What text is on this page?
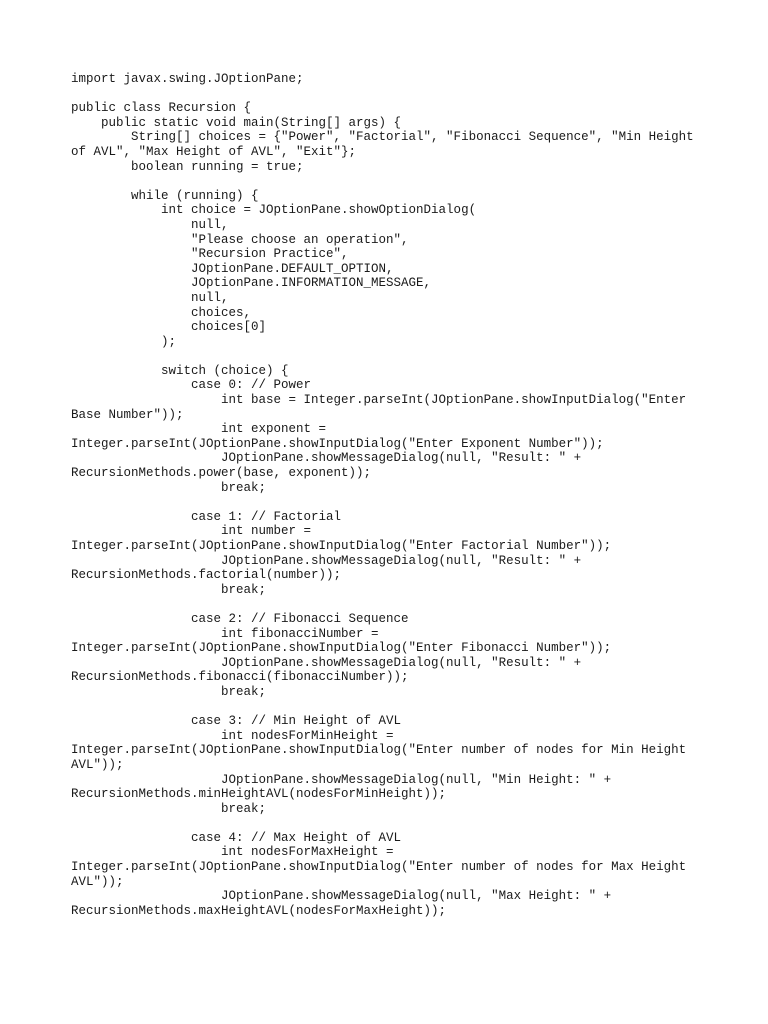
import javax.swing.JOptionPane;
public class Recursion {
public static void main(String[] args) {
String[] choices = {"Power", "Factorial", "Fibonacci Sequence", "Min Height
of AVL", "Max Height of AVL", "Exit"};
boolean running = true;
while (running) {
int choice = JOptionPane.showOptionDialog(
null,
"Please choose an operation",
"Recursion Practice",
JOptionPane.DEFAULT_OPTION,
JOptionPane.INFORMATION_MESSAGE,
null,
choices,
choices[0]
);
switch (choice) {
case 0: // Power
int base = Integer.parseInt(JOptionPane.showInputDialog("Enter
Base Number"));
int exponent =
Integer.parseInt(JOptionPane.showInputDialog("Enter Exponent Number"));
JOptionPane.showMessageDialog(null, "Result: " +
RecursionMethods.power(base, exponent));
break;
case 1: // Factorial
int number =
Integer.parseInt(JOptionPane.showInputDialog("Enter Factorial Number"));
JOptionPane.showMessageDialog(null, "Result: " +
RecursionMethods.factorial(number));
break;
case 2: // Fibonacci Sequence
int fibonacciNumber =
Integer.parseInt(JOptionPane.showInputDialog("Enter Fibonacci Number"));
JOptionPane.showMessageDialog(null, "Result: " +
RecursionMethods.fibonacci(fibonacciNumber));
break;
case 3: // Min Height of AVL
int nodesForMinHeight =
Integer.parseInt(JOptionPane.showInputDialog("Enter number of nodes for Min Height
AVL"));
JOptionPane.showMessageDialog(null, "Min Height: " +
RecursionMethods.minHeightAVL(nodesForMinHeight));
break;
case 4: // Max Height of AVL
int nodesForMaxHeight =
Integer.parseInt(JOptionPane.showInputDialog("Enter number of nodes for Max Height
AVL"));
JOptionPane.showMessageDialog(null, "Max Height: " +
RecursionMethods.maxHeightAVL(nodesForMaxHeight));
